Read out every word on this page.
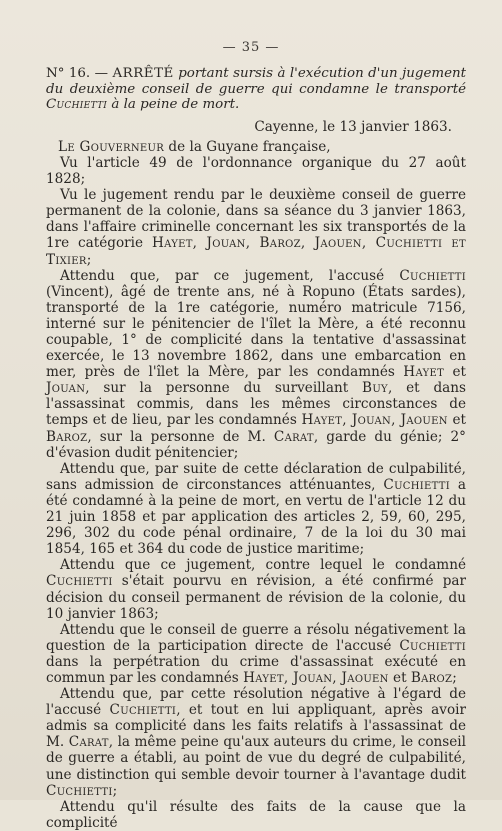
— 35 —

N° 16. — ARRÊTÉ portant sursis à l'exécution d'un jugement du deuxième conseil de guerre qui condamne le transporté Cuchietti à la peine de mort.

Cayenne, le 13 janvier 1863.

Le Gouverneur de la Guyane française,

Vu l'article 49 de l'ordonnance organique du 27 août 1828;

Vu le jugement rendu par le deuxième conseil de guerre permanent de la colonie, dans sa séance du 3 janvier 1863, dans l'affaire criminelle concernant les six transportés de la 1re catégorie Hayet, Jouan, Baroz, Jaouen, Cuchietti et Tixier;

Attendu que, par ce jugement, l'accusé Cuchietti (Vincent), âgé de trente ans, né à Ropuno (États sardes), transporté de la 1re catégorie, numéro matricule 7156, interné sur le pénitencier de l'îlet la Mère, a été reconnu coupable, 1° de complicité dans la tentative d'assassinat exercée, le 13 novembre 1862, dans une embarcation en mer, près de l'îlet la Mère, par les condamnés Hayet et Jouan, sur la personne du surveillant Buy, et dans l'assassinat commis, dans les mêmes circonstances de temps et de lieu, par les condamnés Hayet, Jouan, Jaouen et Baroz, sur la personne de M. Carat, garde du génie; 2° d'évasion dudit pénitencier;

Attendu que, par suite de cette déclaration de culpabilité, sans admission de circonstances atténuantes, Cuchietti a été condamné à la peine de mort, en vertu de l'article 12 du 21 juin 1858 et par application des articles 2, 59, 60, 295, 296, 302 du code pénal ordinaire, 7 de la loi du 30 mai 1854, 165 et 364 du code de justice maritime;

Attendu que ce jugement, contre lequel le condamné Cuchietti s'était pourvu en révision, a été confirmé par décision du conseil permanent de révision de la colonie, du 10 janvier 1863;

Attendu que le conseil de guerre a résolu négativement la question de la participation directe de l'accusé Cuchietti dans la perpétration du crime d'assassinat exécuté en commun par les condamnés Hayet, Jouan, Jaouen et Baroz;

Attendu que, par cette résolution négative à l'égard de l'accusé Cuchietti, et tout en lui appliquant, après avoir admis sa complicité dans les faits relatifs à l'assassinat de M. Carat, la même peine qu'aux auteurs du crime, le conseil de guerre a établi, au point de vue du degré de culpabilité, une distinction qui semble devoir tourner à l'avantage dudit Cuchietti;

Attendu qu'il résulte des faits de la cause que la complicité
